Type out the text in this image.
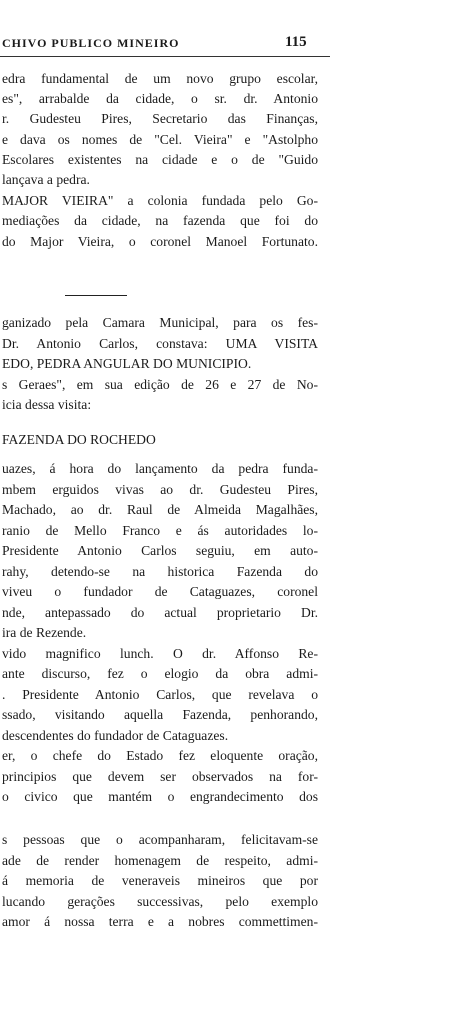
CHIVO PUBLICO MINEIRO	115
edra fundamental de um novo grupo escolar,
es", arrabalde da cidade, o sr. dr. Antonio
r. Gudesteu Pires, Secretario das Finanças,
e dava os nomes de "Cel. Vieira" e "Astolpho
Escolares existentes na cidade e o de "Guido
lançava a pedra.
MAJOR VIEIRA" a colonia fundada pelo Go-
mediações da cidade, na fazenda que foi do
do Major Vieira, o coronel Manoel Fortunato.
ganizado pela Camara Municipal, para os fes-
Dr. Antonio Carlos, constava: UMA VISITA
EDO, PEDRA ANGULAR DO MUNICIPIO.
s Geraes", em sua edição de 26 e 27 de No-
icia dessa visita:
FAZENDA DO ROCHEDO
uazes, á hora do lançamento da pedra funda-
mbem erguidos vivas ao dr. Gudesteu Pires,
Machado, ao dr. Raul de Almeida Magalhães,
ranio de Mello Franco e ás autoridades lo-
Presidente Antonio Carlos seguiu, em auto-
rahy, detendo-se na historica Fazenda do
viveu o fundador de Cataguazes, coronel
nde, antepassado do actual proprietario Dr.
ira de Rezende.
vido magnifico lunch. O dr. Affonso Re-
ante discurso, fez o elogio da obra admi-
. Presidente Antonio Carlos, que revelava o
ssado, visitando aquella Fazenda, penhorando,
descendentes do fundador de Cataguazes.
er, o chefe do Estado fez eloquente oração,
principios que devem ser observados na for-
o civico que mantém o engrandecimento dos
s pessoas que o acompanharam, felicitavam-se
ade de render homenagem de respeito, admi-
á memoria de veneraveis mineiros que por
lucando gerações successivas, pelo exemplo
amor á nossa terra e a nobres commettimen-
